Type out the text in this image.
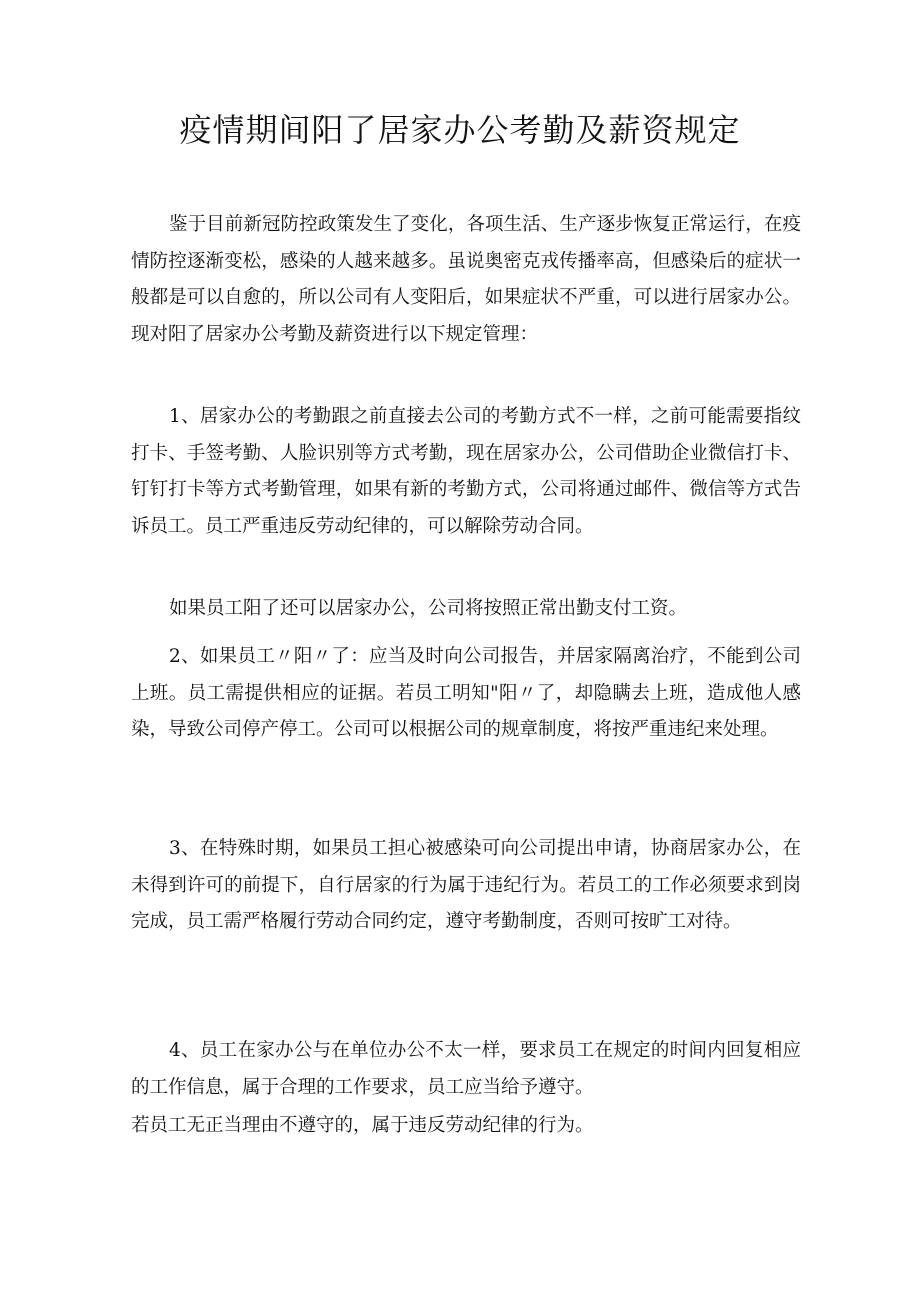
疫情期间阳了居家办公考勤及薪资规定

鉴于目前新冠防控政策发生了变化，各项生活、生产逐步恢复正常运行，在疫情防控逐渐变松，感染的人越来越多。虽说奥密克戎传播率高，但感染后的症状一般都是可以自愈的，所以公司有人变阳后，如果症状不严重，可以进行居家办公。现对阳了居家办公考勤及薪资进行以下规定管理：

1、居家办公的考勤跟之前直接去公司的考勤方式不一样，之前可能需要指纹打卡、手签考勤、人脸识别等方式考勤，现在居家办公，公司借助企业微信打卡、钉钉打卡等方式考勤管理，如果有新的考勤方式，公司将通过邮件、微信等方式告诉员工。员工严重违反劳动纪律的，可以解除劳动合同。

如果员工阳了还可以居家办公，公司将按照正常出勤支付工资。

2、如果员工〃阳〃了：应当及时向公司报告，并居家隔离治疗，不能到公司上班。员工需提供相应的证据。若员工明知"阳〃了，却隐瞒去上班，造成他人感染，导致公司停产停工。公司可以根据公司的规章制度，将按严重违纪来处理。

3、在特殊时期，如果员工担心被感染可向公司提出申请，协商居家办公，在未得到许可的前提下，自行居家的行为属于违纪行为。若员工的工作必须要求到岗完成，员工需严格履行劳动合同约定，遵守考勤制度，否则可按旷工对待。

4、员工在家办公与在单位办公不太一样，要求员工在规定的时间内回复相应的工作信息，属于合理的工作要求，员工应当给予遵守。

若员工无正当理由不遵守的，属于违反劳动纪律的行为。
